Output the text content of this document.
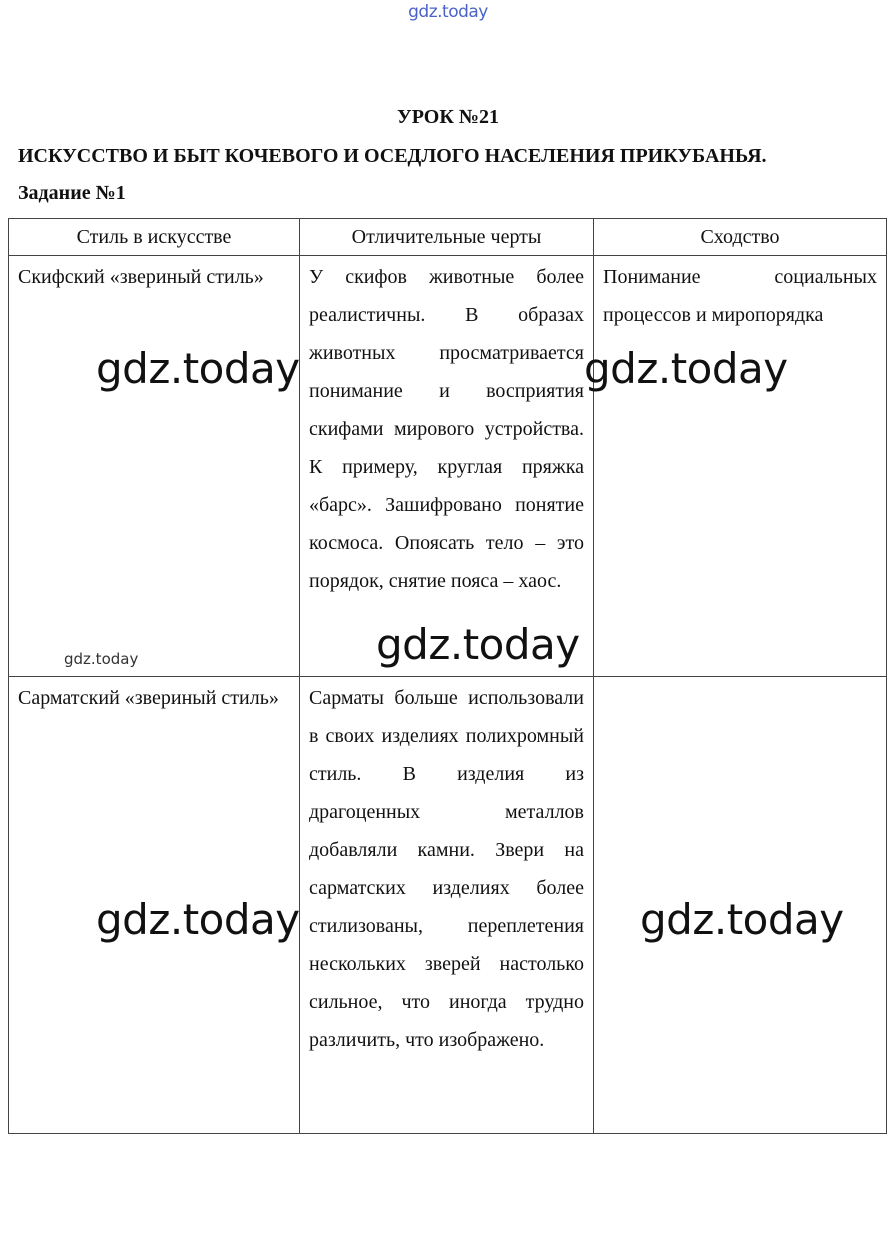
gdz.today
УРОК №21
ИСКУССТВО И БЫТ КОЧЕВОГО И ОСЕДЛОГО НАСЕЛЕНИЯ ПРИКУБАНЬЯ.
Задание №1
Стиль в искусстве	Отличительные черты	Сходство
Скифский «звериный стиль»	У скифов животные более реалистичны. В образах животных просматривается понимание и восприятия скифами мирового устройства. К примеру, круглая пряжка «барс». Зашифровано понятие космоса. Опоясать тело – это порядок, снятие пояса – хаос.	Понимание социальных процессов и миропорядка
Сарматский «звериный стиль»	Сарматы больше использовали в своих изделиях полихромный стиль. В изделия из драгоценных металлов добавляли камни. Звери на сарматских изделиях более стилизованы, переплетения нескольких зверей настолько сильное, что иногда трудно различить, что изображено.	
gdz.today	gdz.today
gdz.today
gdz.today
gdz.today	gdz.today
